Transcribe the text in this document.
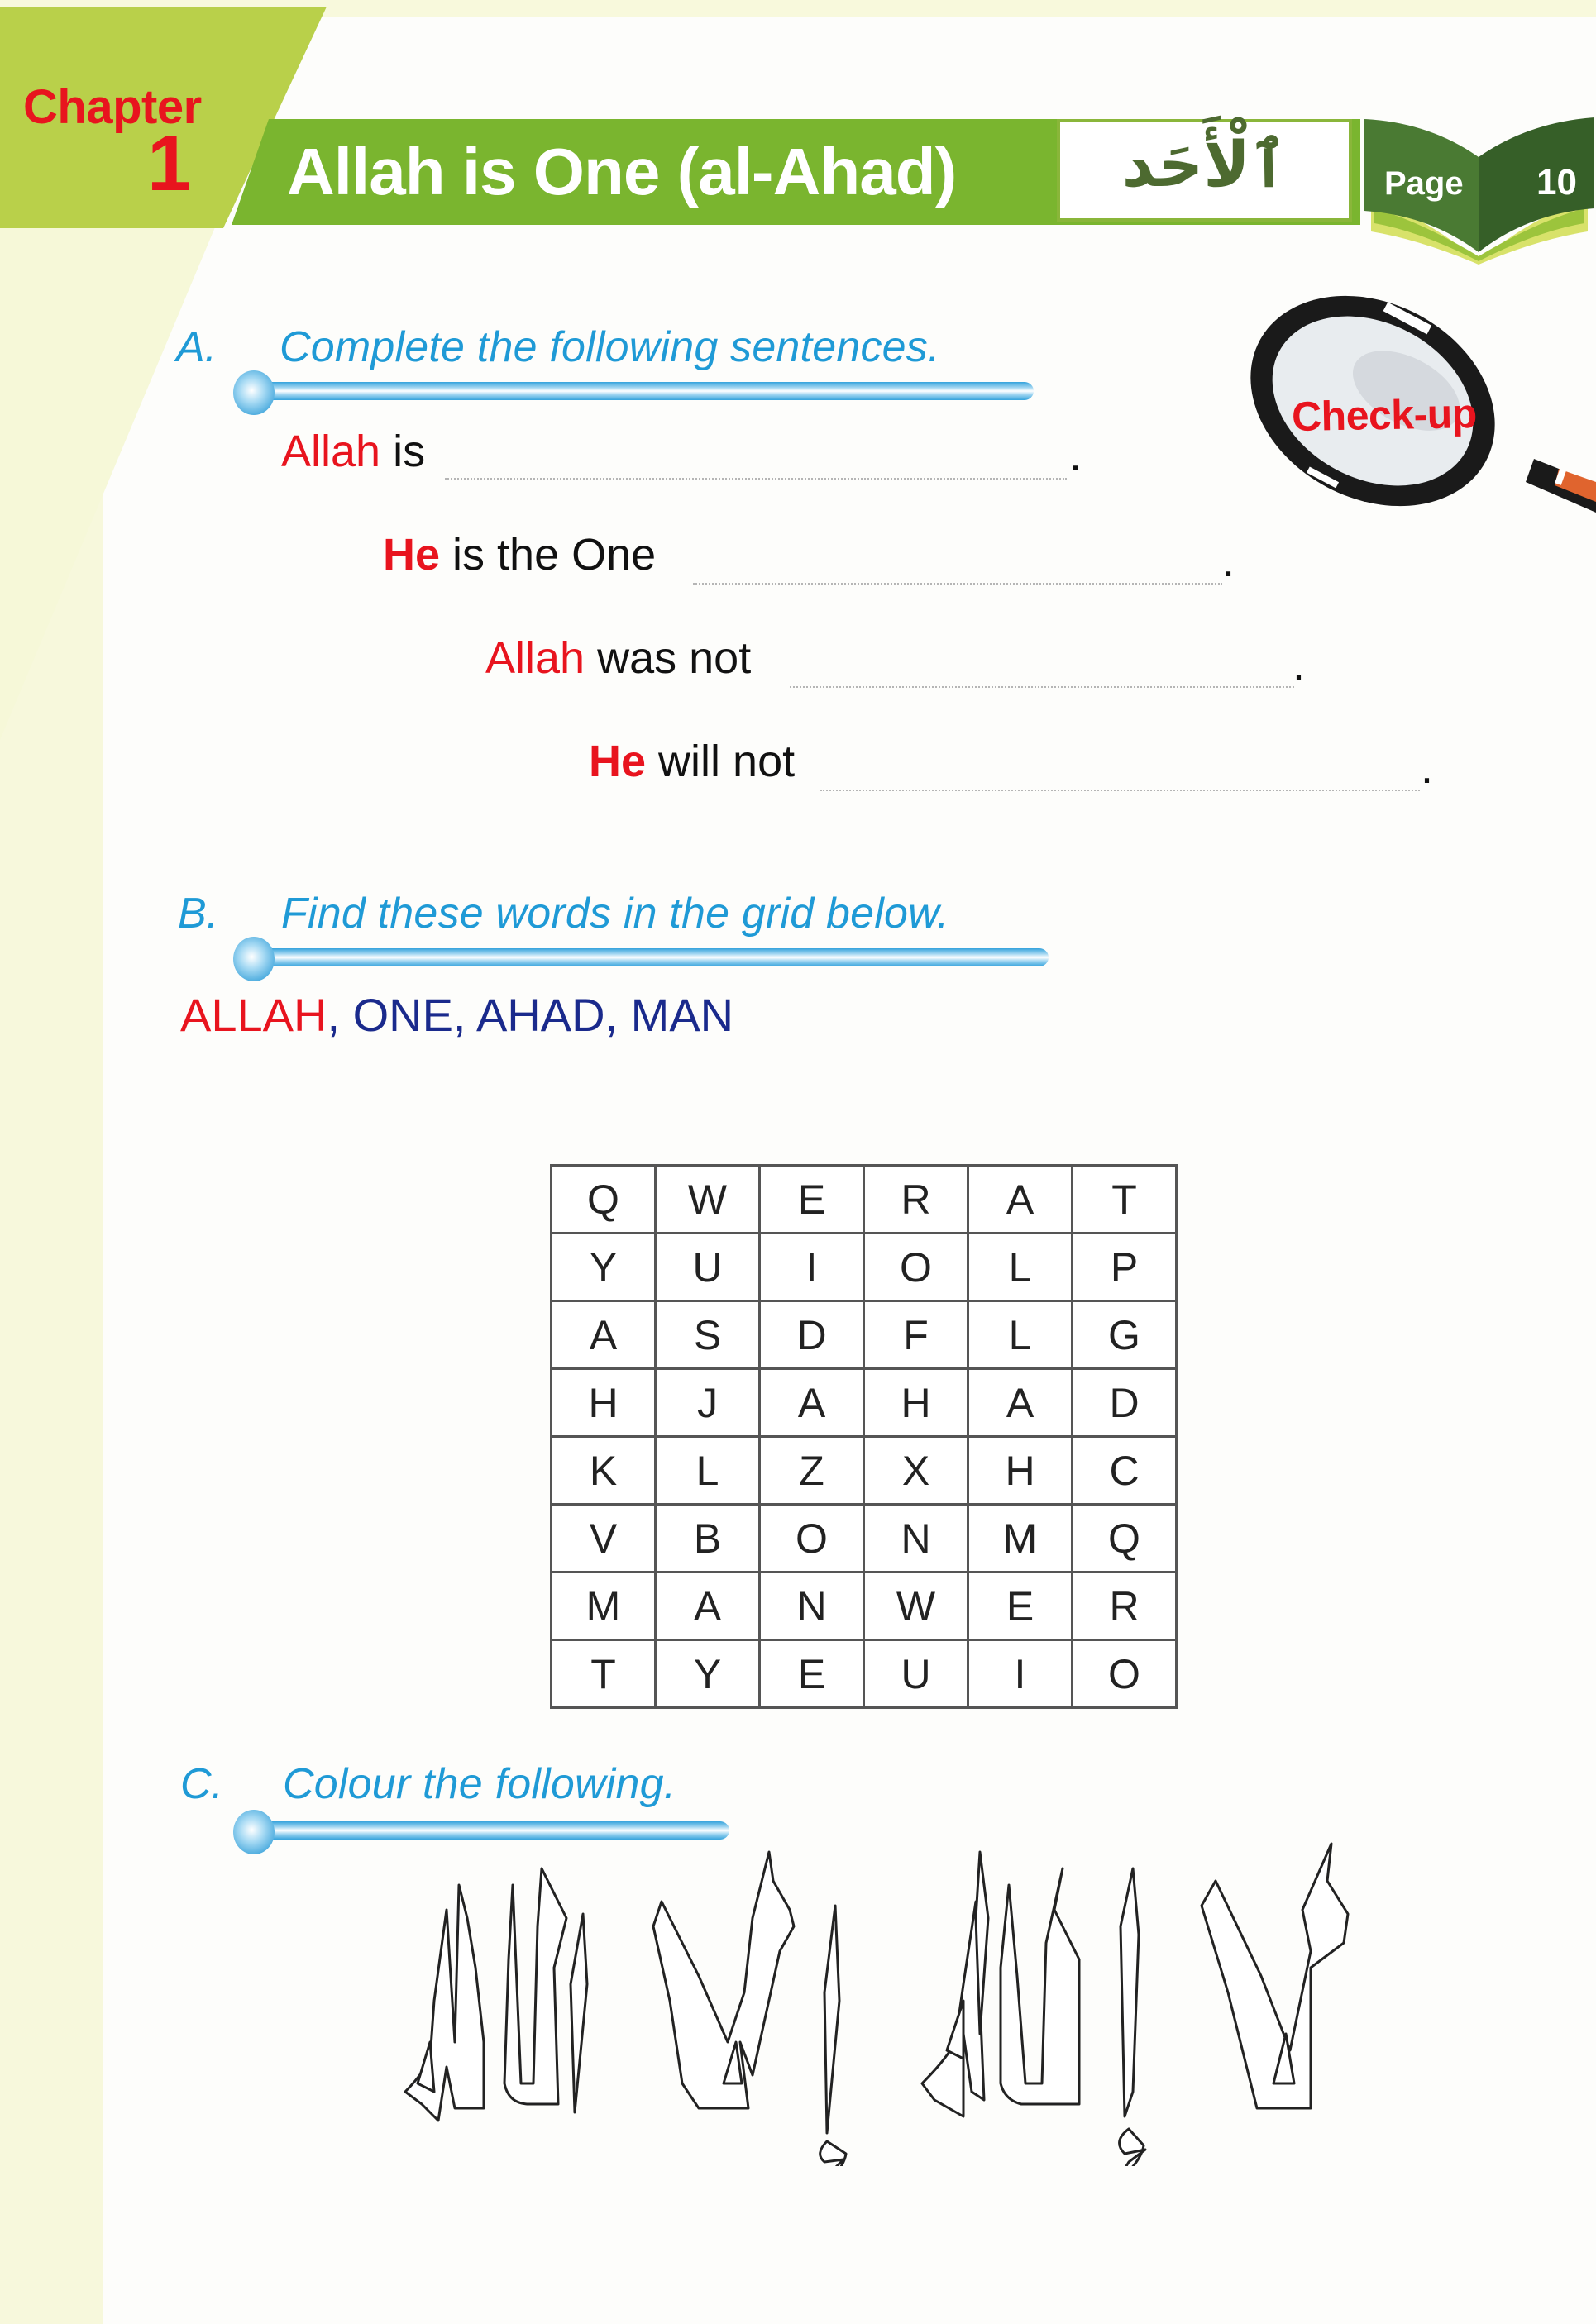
Chapter
1 Allah is One (al-Ahad)	ٱلْأَحَد	Page 10
Check-up
A. Complete the following sentences.
Allah is	.
He is the One	.
Allah was not	.
He will not	.
B. Find these words in the grid below.
ALLAH, ONE, AHAD, MAN
Q	W	E	R	A	T
Y	U	I	O	L	P
A	S	D	F	L	G
H	J	A	H	A	D
K	L	Z	X	H	C
V	B	O	N	M	Q
M	A	N	W	E	R
T	Y	E	U	I	O
C. Colour the following.
